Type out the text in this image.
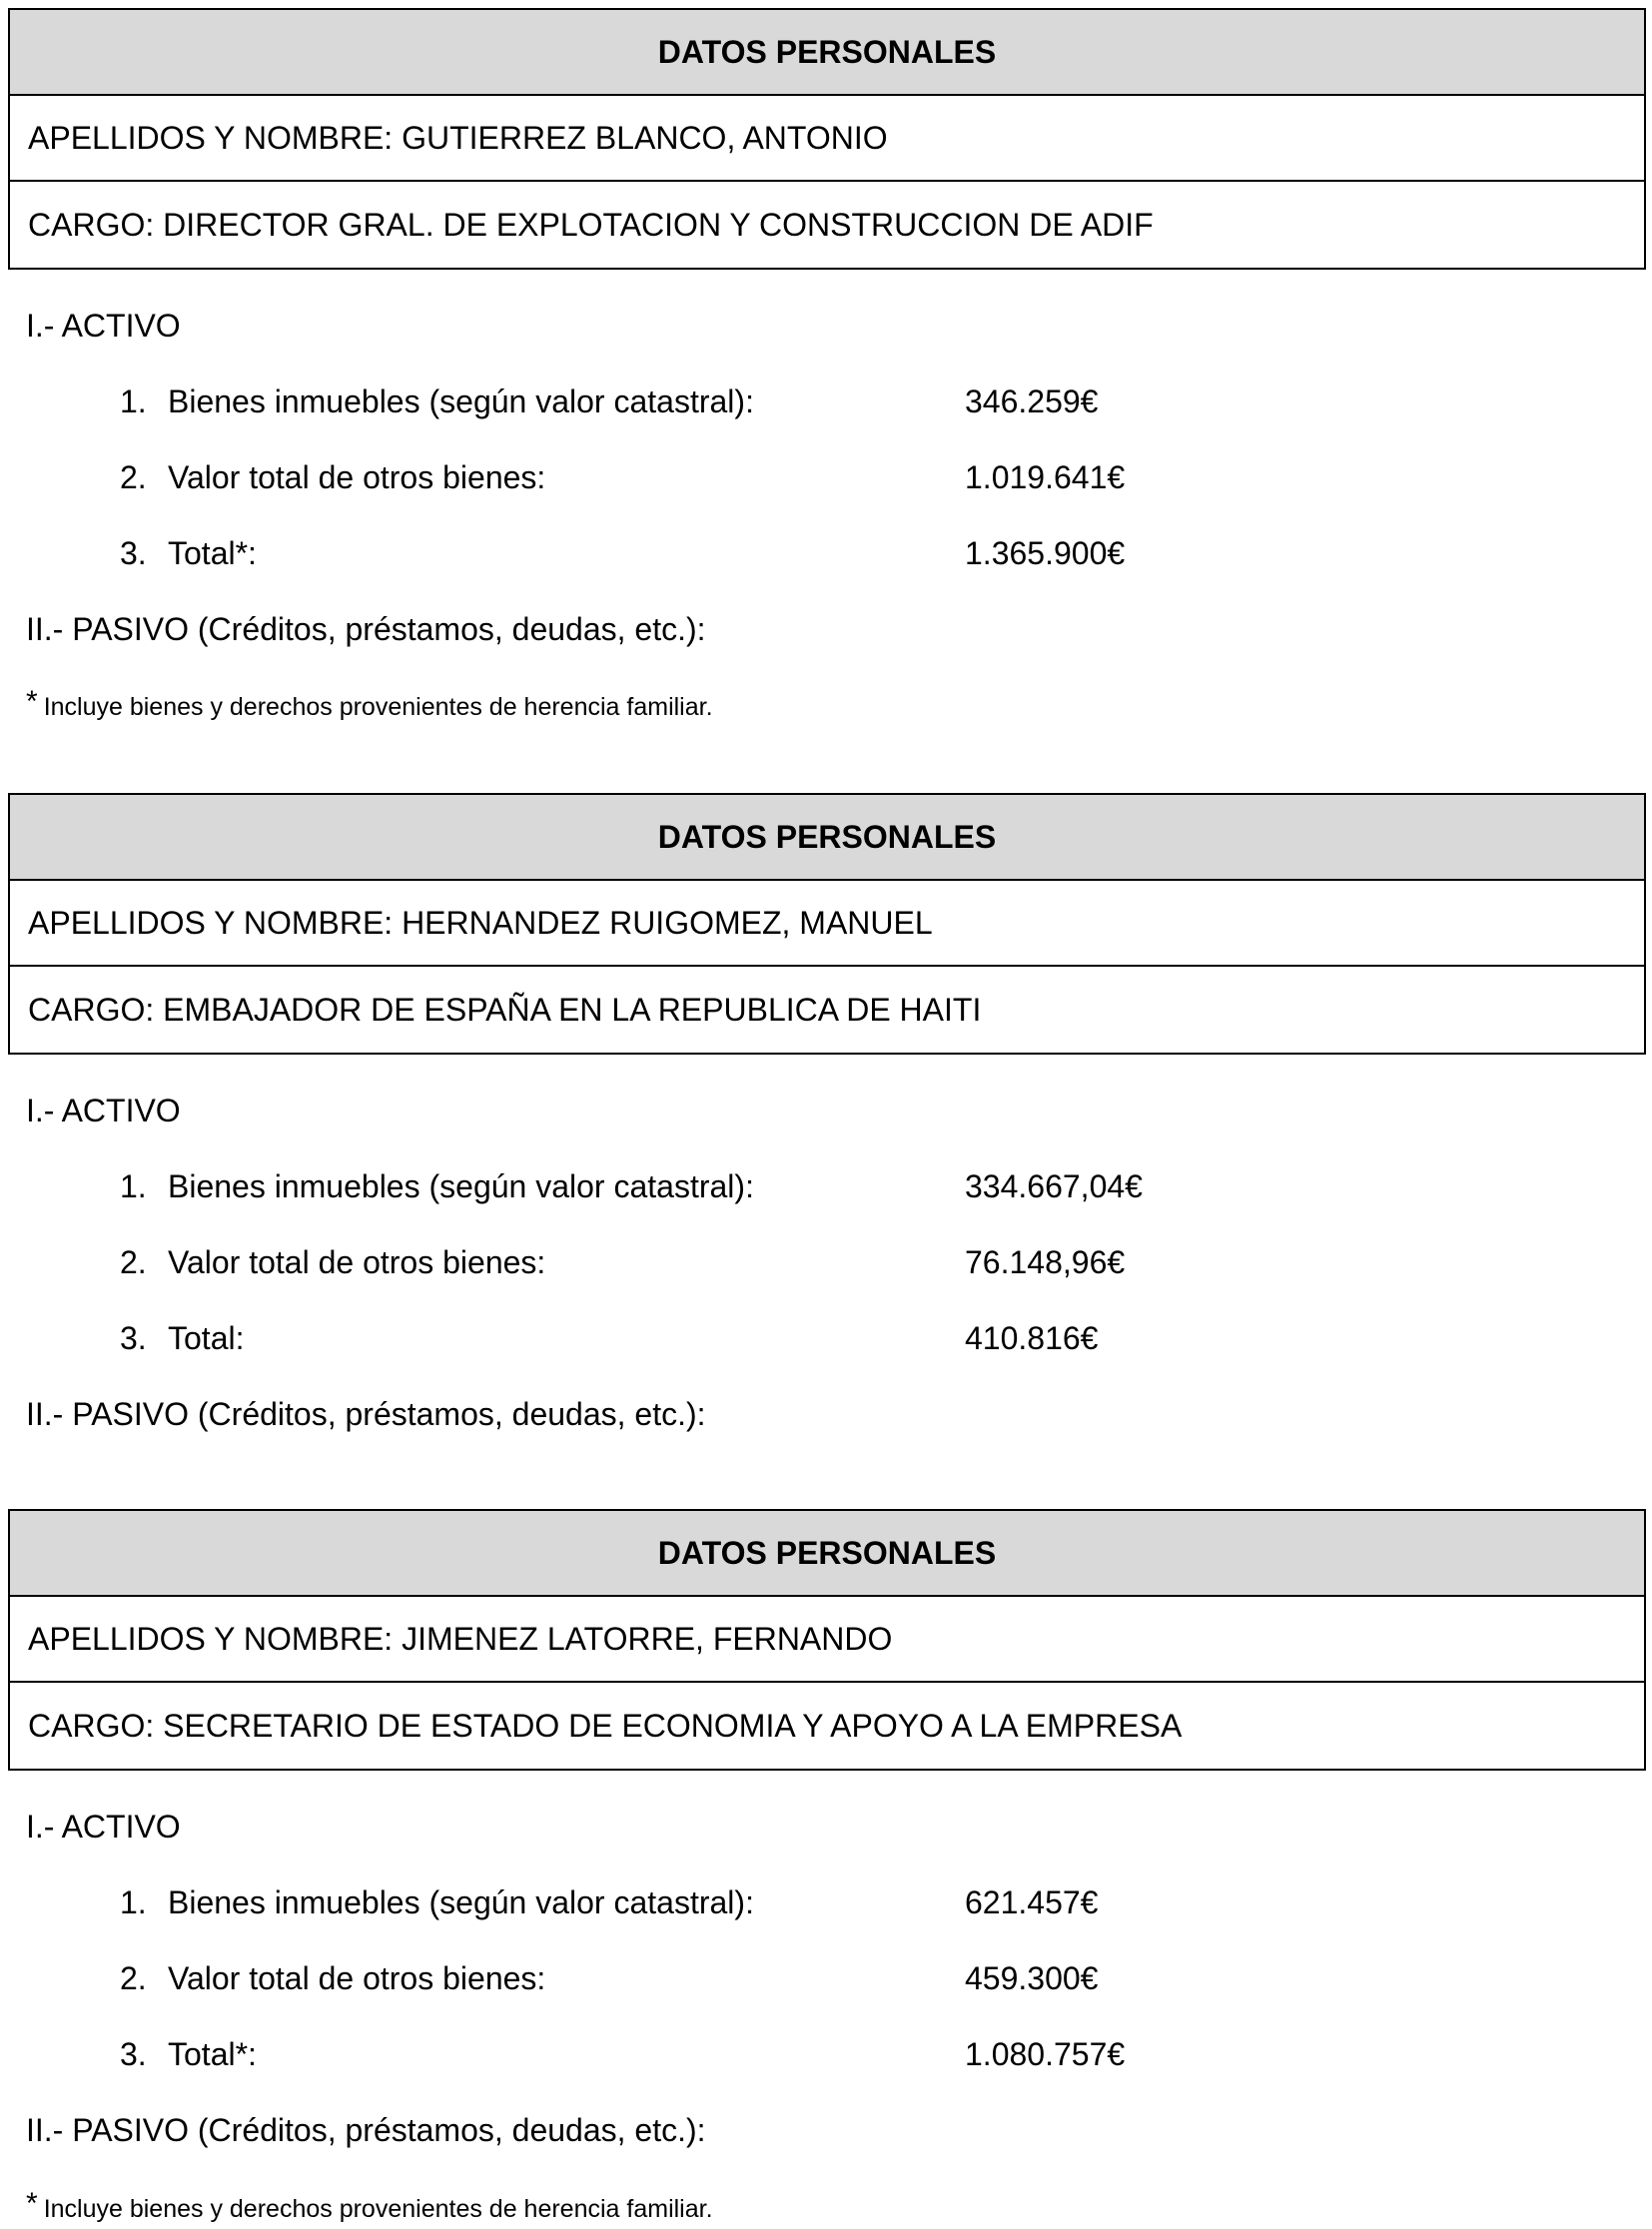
DATOS PERSONALES
APELLIDOS Y NOMBRE: GUTIERREZ BLANCO, ANTONIO
CARGO: DIRECTOR GRAL. DE EXPLOTACION Y CONSTRUCCION DE ADIF
I.- ACTIVO
1. Bienes inmuebles (según valor catastral):	346.259€
2. Valor total de otros bienes:	1.019.641€
3. Total*:	1.365.900€
II.- PASIVO (Créditos, préstamos, deudas, etc.):
* Incluye bienes y derechos provenientes de herencia familiar.
DATOS PERSONALES
APELLIDOS Y NOMBRE: HERNANDEZ RUIGOMEZ, MANUEL
CARGO: EMBAJADOR DE ESPAÑA EN LA REPUBLICA DE HAITI
I.- ACTIVO
1. Bienes inmuebles (según valor catastral):	334.667,04€
2. Valor total de otros bienes:	76.148,96€
3. Total:	410.816€
II.- PASIVO (Créditos, préstamos, deudas, etc.):
DATOS PERSONALES
APELLIDOS Y NOMBRE: JIMENEZ LATORRE, FERNANDO
CARGO: SECRETARIO DE ESTADO DE ECONOMIA Y APOYO A LA EMPRESA
I.- ACTIVO
1. Bienes inmuebles (según valor catastral):	621.457€
2. Valor total de otros bienes:	459.300€
3. Total*:	1.080.757€
II.- PASIVO (Créditos, préstamos, deudas, etc.):
* Incluye bienes y derechos provenientes de herencia familiar.
